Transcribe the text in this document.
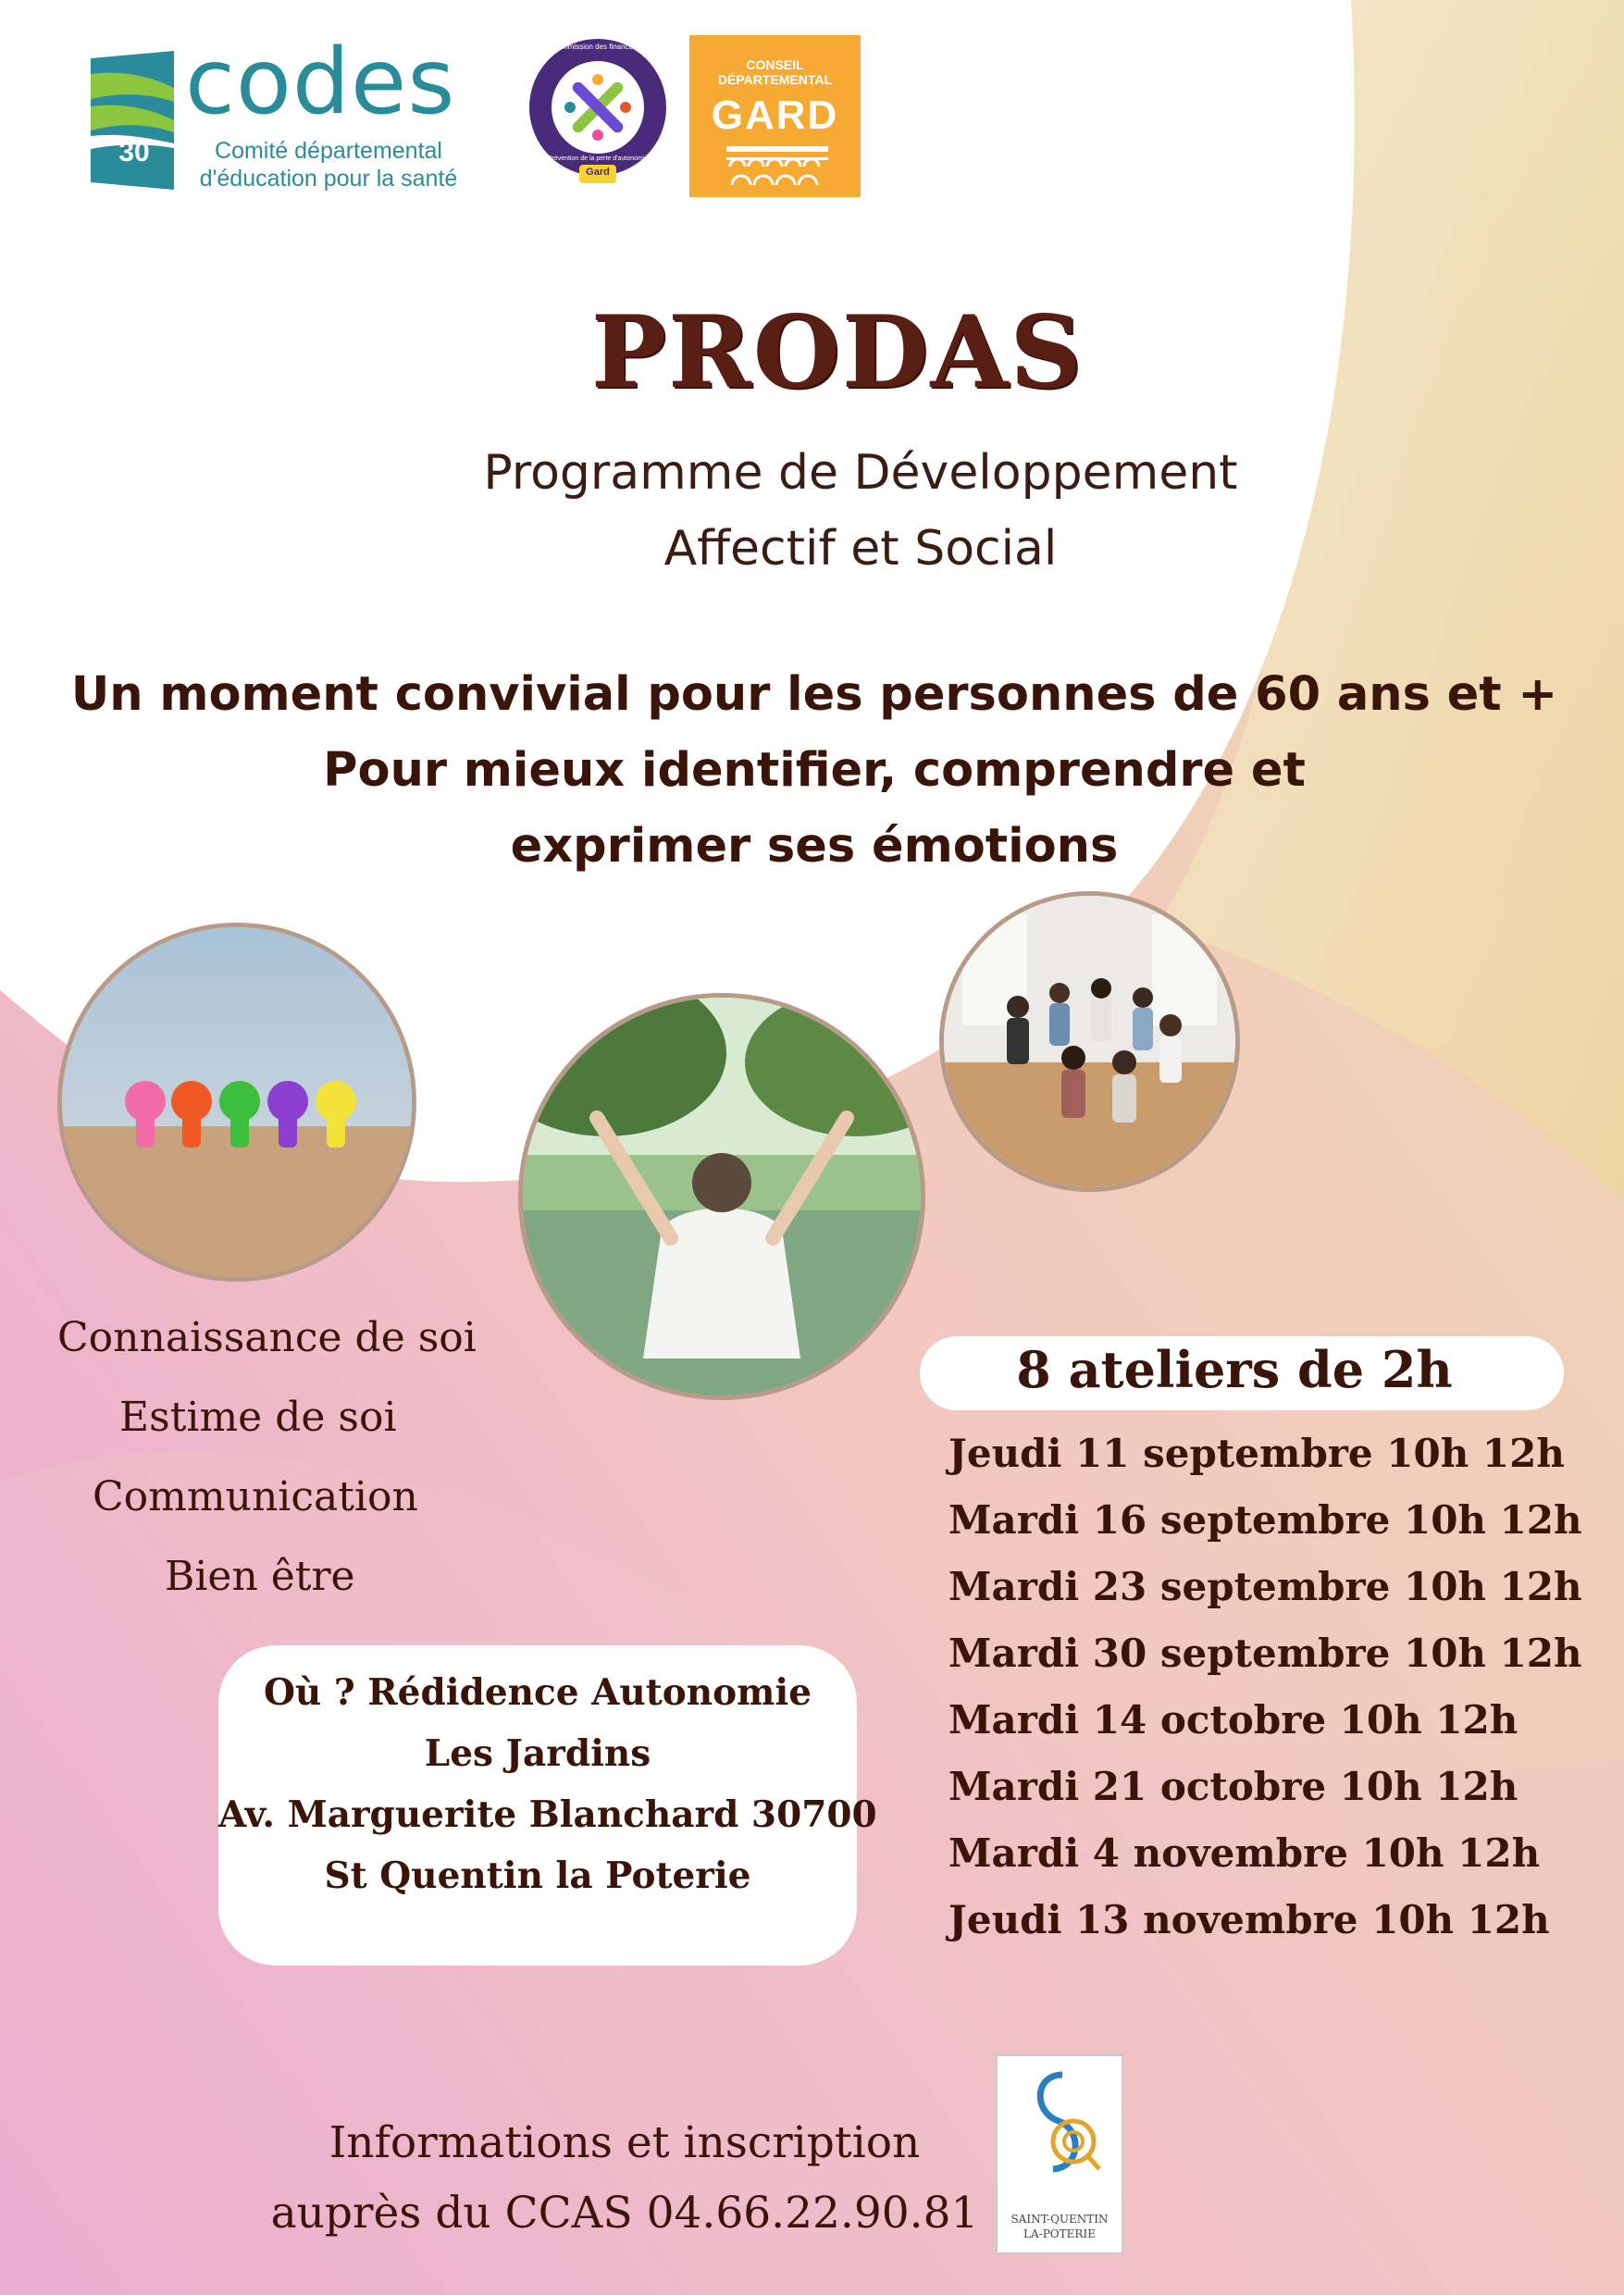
30
codes
Comité départemental
d'éducation pour la santé	Gard
Commission des financeurs
Prévention de la perte d'autonomie
CONSEIL
DÉPARTEMENTAL
GARD
PRODAS
Programme de Développement
Affectif et Social
Un moment convivial pour les personnes de 60 ans et +
Pour mieux identifier, comprendre et
exprimer ses émotions
Connaissance de soi
Estime de soi
Communication
Bien être
Où ? Rédidence Autonomie
Les Jardins
Av. Marguerite Blanchard 30700
St Quentin la Poterie
8 ateliers de 2h
Jeudi 11 septembre 10h 12h
Mardi 16 septembre 10h 12h
Mardi 23 septembre 10h 12h
Mardi 30 septembre 10h 12h
Mardi 14 octobre 10h 12h
Mardi 21 octobre 10h 12h
Mardi 4 novembre 10h 12h
Jeudi 13 novembre 10h 12h
Informations et inscription
auprès du CCAS 04.66.22.90.81	SAINT-QUENTIN
LA-POTERIE
